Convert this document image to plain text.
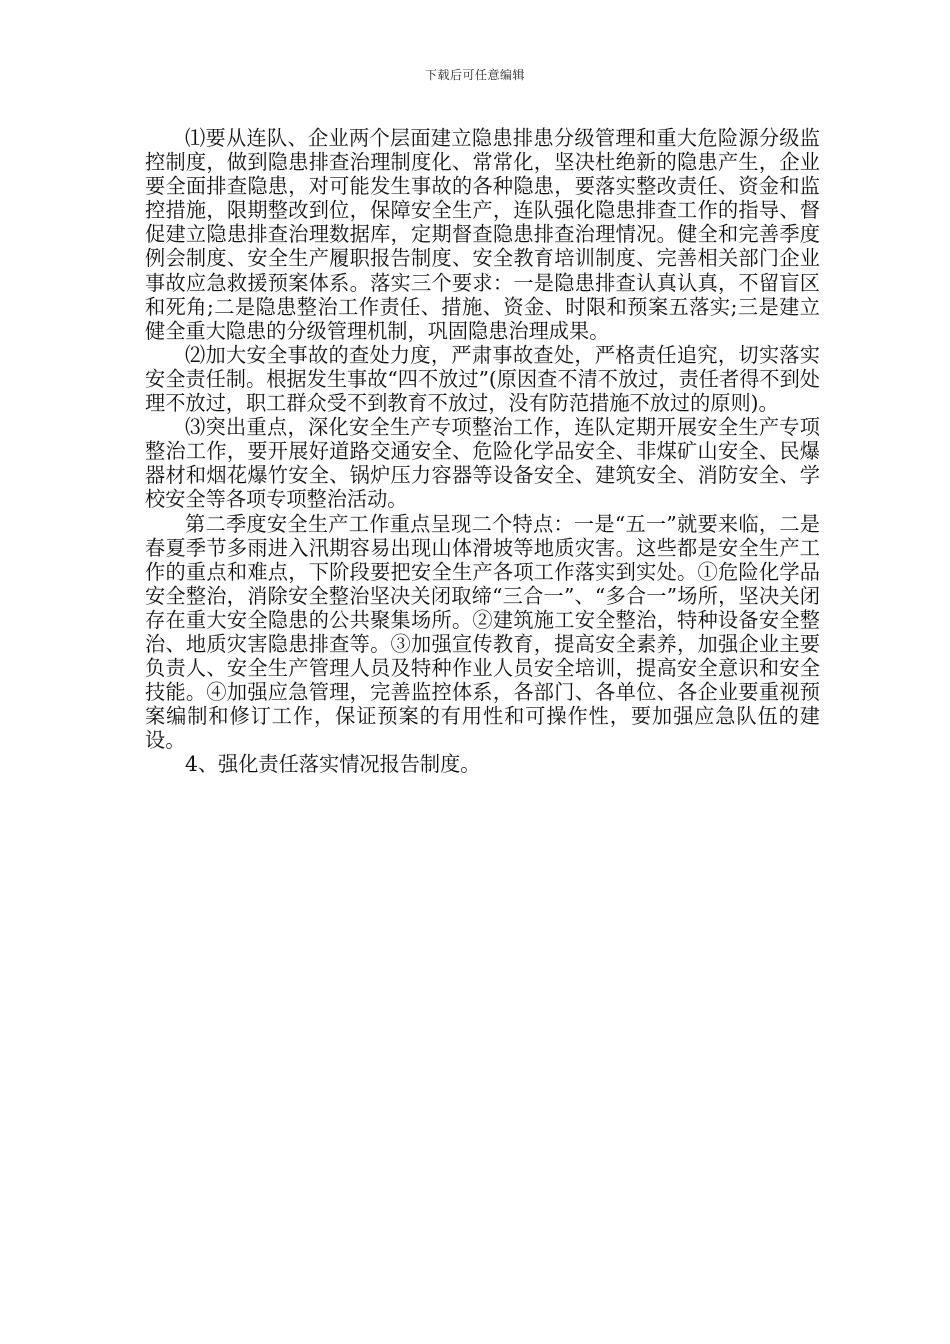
下载后可任意编辑

⑴要从连队、企业两个层面建立隐患排患分级管理和重大危险源分级监控制度，做到隐患排查治理制度化、常常化，坚决杜绝新的隐患产生，企业要全面排查隐患，对可能发生事故的各种隐患，要落实整改责任、资金和监控措施，限期整改到位，保障安全生产，连队强化隐患排查工作的指导、督促建立隐患排查治理数据库，定期督查隐患排查治理情况。健全和完善季度例会制度、安全生产履职报告制度、安全教育培训制度、完善相关部门企业事故应急救援预案体系。落实三个要求：一是隐患排查认真认真，不留盲区和死角;二是隐患整治工作责任、措施、资金、时限和预案五落实;三是建立健全重大隐患的分级管理机制，巩固隐患治理成果。

⑵加大安全事故的查处力度，严肃事故查处，严格责任追究，切实落实安全责任制。根据发生事故“四不放过”(原因查不清不放过，责任者得不到处理不放过，职工群众受不到教育不放过，没有防范措施不放过的原则)。

⑶突出重点，深化安全生产专项整治工作，连队定期开展安全生产专项整治工作，要开展好道路交通安全、危险化学品安全、非煤矿山安全、民爆器材和烟花爆竹安全、锅炉压力容器等设备安全、建筑安全、消防安全、学校安全等各项专项整治活动。

第二季度安全生产工作重点呈现二个特点：一是“五一”就要来临，二是春夏季节多雨进入汛期容易出现山体滑坡等地质灾害。这些都是安全生产工作的重点和难点，下阶段要把安全生产各项工作落实到实处。①危险化学品安全整治，消除安全整治坚决关闭取缔“三合一”、“多合一”场所，坚决关闭存在重大安全隐患的公共聚集场所。②建筑施工安全整治，特种设备安全整治、地质灾害隐患排查等。③加强宣传教育，提高安全素养，加强企业主要负责人、安全生产管理人员及特种作业人员安全培训，提高安全意识和安全技能。④加强应急管理，完善监控体系，各部门、各单位、各企业要重视预案编制和修订工作，保证预案的有用性和可操作性，要加强应急队伍的建设。

4、强化责任落实情况报告制度。
